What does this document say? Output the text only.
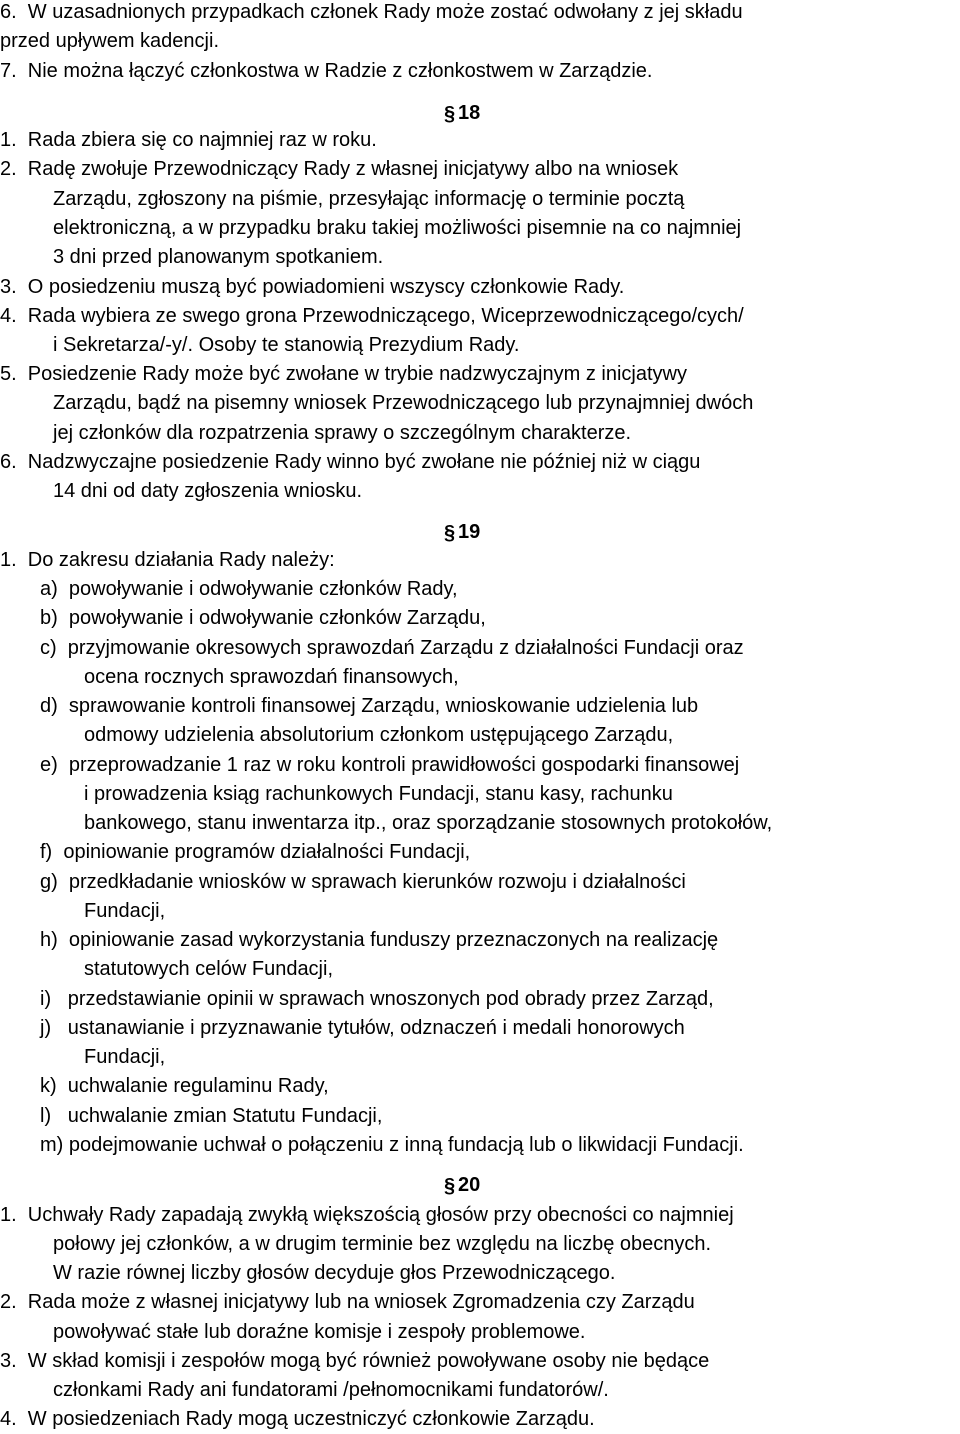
6.  W uzasadnionych przypadkach członek Rady może zostać odwołany z jej składu
przed upływem kadencji.
7.  Nie można łączyć członkostwa w Radzie z członkostwem w Zarządzie.
§ 18
1.  Rada zbiera się co najmniej raz w roku.
2.  Radę zwołuje Przewodniczący Rady z własnej inicjatywy albo na wniosek
Zarządu, zgłoszony na piśmie, przesyłając informację o terminie pocztą
elektroniczną, a w przypadku braku takiej możliwości pisemnie na co najmniej
3 dni przed planowanym spotkaniem.
3.  O posiedzeniu muszą być powiadomieni wszyscy członkowie Rady.
4.  Rada wybiera ze swego grona Przewodniczącego, Wiceprzewodniczącego/cych/
i Sekretarza/-y/. Osoby te stanowią Prezydium Rady.
5.  Posiedzenie Rady może być zwołane w trybie nadzwyczajnym z inicjatywy
Zarządu, bądź na pisemny wniosek Przewodniczącego lub przynajmniej dwóch
jej członków dla rozpatrzenia sprawy o szczególnym charakterze.
6.  Nadzwyczajne posiedzenie Rady winno być zwołane nie później niż w ciągu
14 dni od daty zgłoszenia wniosku.
§ 19
1.  Do zakresu działania Rady należy:
a)  powoływanie i odwoływanie członków Rady,
b)  powoływanie i odwoływanie członków Zarządu,
c)  przyjmowanie okresowych sprawozdań Zarządu z działalności Fundacji oraz
ocena rocznych sprawozdań finansowych,
d)  sprawowanie kontroli finansowej Zarządu, wnioskowanie udzielenia lub
odmowy udzielenia absolutorium członkom ustępującego Zarządu,
e)  przeprowadzanie 1 raz w roku kontroli prawidłowości gospodarki finansowej
i prowadzenia ksiąg rachunkowych Fundacji, stanu kasy, rachunku
bankowego, stanu inwentarza itp., oraz sporządzanie stosownych protokołów,
f)  opiniowanie programów działalności Fundacji,
g)  przedkładanie wniosków w sprawach kierunków rozwoju i działalności
Fundacji,
h)  opiniowanie zasad wykorzystania funduszy przeznaczonych na realizację
statutowych celów Fundacji,
i)   przedstawianie opinii w sprawach wnoszonych pod obrady przez Zarząd,
j)   ustanawianie i przyznawanie tytułów, odznaczeń i medali honorowych
Fundacji,
k)  uchwalanie regulaminu Rady,
l)   uchwalanie zmian Statutu Fundacji,
m) podejmowanie uchwał o połączeniu z inną fundacją lub o likwidacji Fundacji.
§ 20
1.  Uchwały Rady zapadają zwykłą większością głosów przy obecności co najmniej
połowy jej członków, a w drugim terminie bez względu na liczbę obecnych.
W razie równej liczby głosów decyduje głos Przewodniczącego.
2.  Rada może z własnej inicjatywy lub na wniosek Zgromadzenia czy Zarządu
powoływać stałe lub doraźne komisje i zespoły problemowe.
3.  W skład komisji i zespołów mogą być również powoływane osoby nie będące
członkami Rady ani fundatorami /pełnomocnikami fundatorów/.
4.  W posiedzeniach Rady mogą uczestniczyć członkowie Zarządu.
